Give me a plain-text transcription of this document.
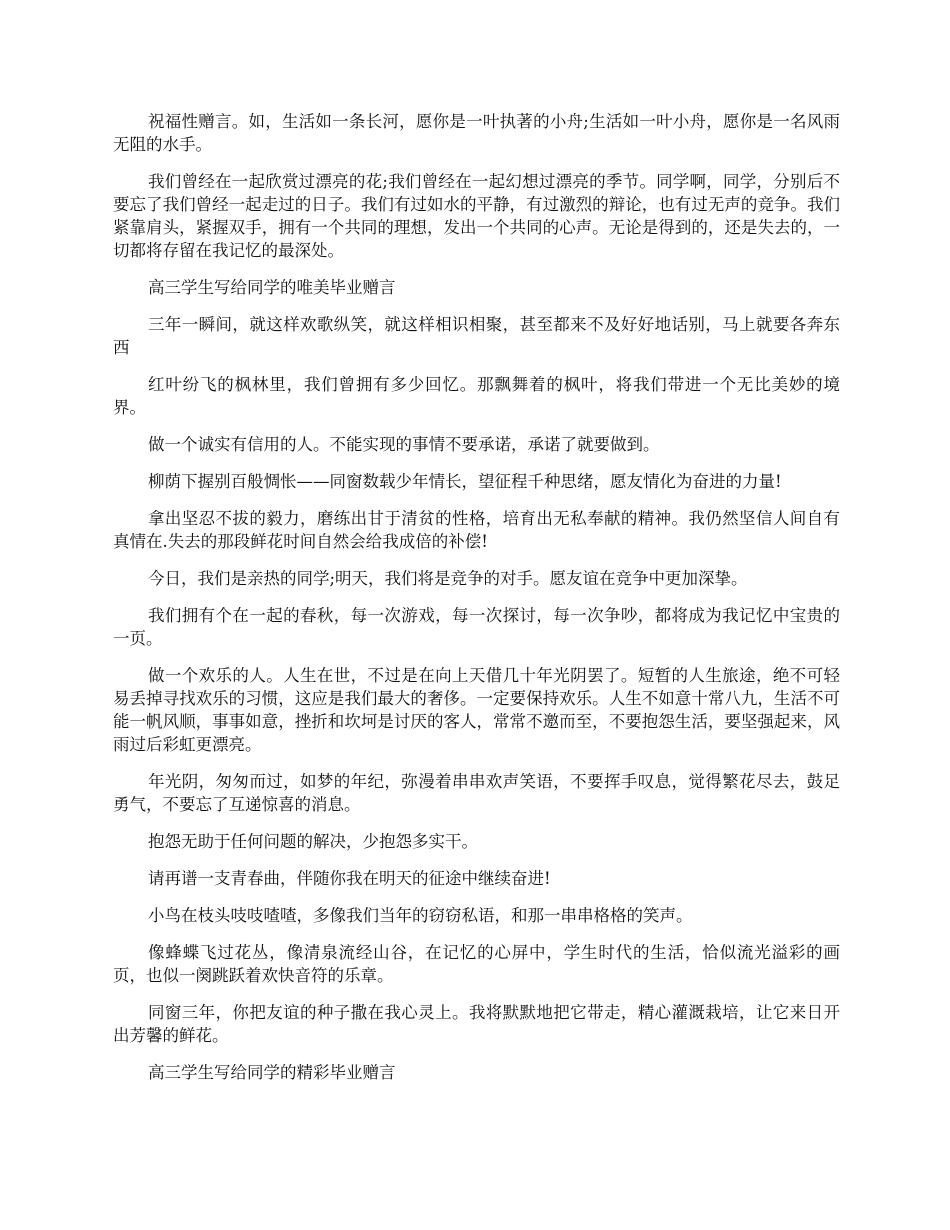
祝福性赠言。如，生活如一条长河，愿你是一叶执著的小舟;生活如一叶小舟，愿你是一名风雨无阻的水手。

我们曾经在一起欣赏过漂亮的花;我们曾经在一起幻想过漂亮的季节。同学啊，同学，分别后不要忘了我们曾经一起走过的日子。我们有过如水的平静，有过激烈的辩论，也有过无声的竞争。我们紧靠肩头，紧握双手，拥有一个共同的理想，发出一个共同的心声。无论是得到的，还是失去的，一切都将存留在我记忆的最深处。

高三学生写给同学的唯美毕业赠言

三年一瞬间，就这样欢歌纵笑，就这样相识相聚，甚至都来不及好好地话别，马上就要各奔东西

红叶纷飞的枫林里，我们曾拥有多少回忆。那飘舞着的枫叶，将我们带进一个无比美妙的境界。

做一个诚实有信用的人。不能实现的事情不要承诺，承诺了就要做到。

柳荫下握别百般惆怅——同窗数载少年情长，望征程千种思绪，愿友情化为奋进的力量!

拿出坚忍不拔的毅力，磨练出甘于清贫的性格，培育出无私奉献的精神。我仍然坚信人间自有真情在.失去的那段鲜花时间自然会给我成倍的补偿!

今日，我们是亲热的同学;明天，我们将是竞争的对手。愿友谊在竞争中更加深挚。

我们拥有个在一起的春秋，每一次游戏，每一次探讨，每一次争吵，都将成为我记忆中宝贵的一页。

做一个欢乐的人。人生在世，不过是在向上天借几十年光阴罢了。短暂的人生旅途，绝不可轻易丢掉寻找欢乐的习惯，这应是我们最大的奢侈。一定要保持欢乐。人生不如意十常八九，生活不可能一帆风顺，事事如意，挫折和坎坷是讨厌的客人，常常不邀而至，不要抱怨生活，要坚强起来，风雨过后彩虹更漂亮。

年光阴，匆匆而过，如梦的年纪，弥漫着串串欢声笑语，不要挥手叹息，觉得繁花尽去，鼓足勇气，不要忘了互递惊喜的消息。

抱怨无助于任何问题的解决，少抱怨多实干。

请再谱一支青春曲，伴随你我在明天的征途中继续奋进!

小鸟在枝头吱吱喳喳，多像我们当年的窃窃私语，和那一串串格格的笑声。

像蜂蝶飞过花丛，像清泉流经山谷，在记忆的心屏中，学生时代的生活，恰似流光溢彩的画页，也似一阕跳跃着欢快音符的乐章。

同窗三年，你把友谊的种子撒在我心灵上。我将默默地把它带走，精心灌溉栽培，让它来日开出芳馨的鲜花。

高三学生写给同学的精彩毕业赠言
